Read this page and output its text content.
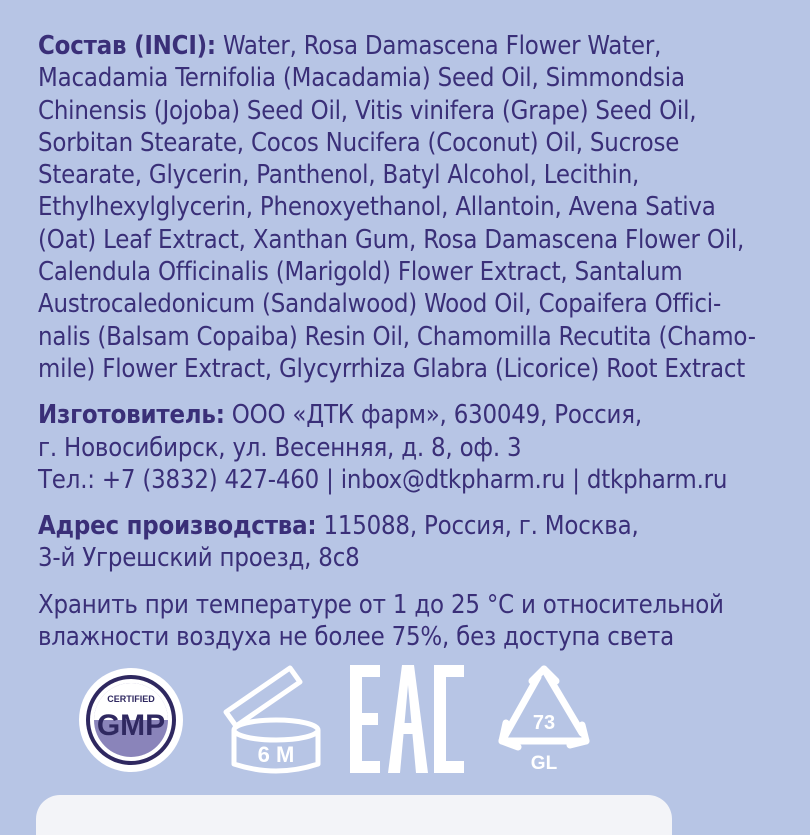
Состав (INCI): Water, Rosa Damascena Flower Water,
Macadamia Ternifolia (Macadamia) Seed Oil, Simmondsia
Chinensis (Jojoba) Seed Oil, Vitis vinifera (Grape) Seed Oil,
Sorbitan Stearate, Cocos Nucifera (Coconut) Oil, Sucrose
Stearate, Glycerin, Panthenol, Batyl Alcohol, Lecithin,
Ethylhexylglycerin, Phenoxyethanol, Allantoin, Avena Sativa
(Oat) Leaf Extract, Xanthan Gum, Rosa Damascena Flower Oil,
Calendula Officinalis (Marigold) Flower Extract, Santalum
Austrocaledonicum (Sandalwood) Wood Oil, Copaifera Offici-
nalis (Balsam Copaiba) Resin Oil, Chamomilla Recutita (Chamo-
mile) Flower Extract, Glycyrrhiza Glabra (Licorice) Root Extract

Изготовитель: ООО «ДТК фарм», 630049, Россия,
г. Новосибирск, ул. Весенняя, д. 8, оф. 3
Тел.: +7 (3832) 427-460 | inbox@dtkpharm.ru | dtkpharm.ru

Адрес производства: 115088, Россия, г. Москва,
3-й Угрешский проезд, 8с8

Хранить при температуре от 1 до 25 °С и относительной
влажности воздуха не более 75%, без доступа света

CERTIFIED
GMP
6 M
73
GL
